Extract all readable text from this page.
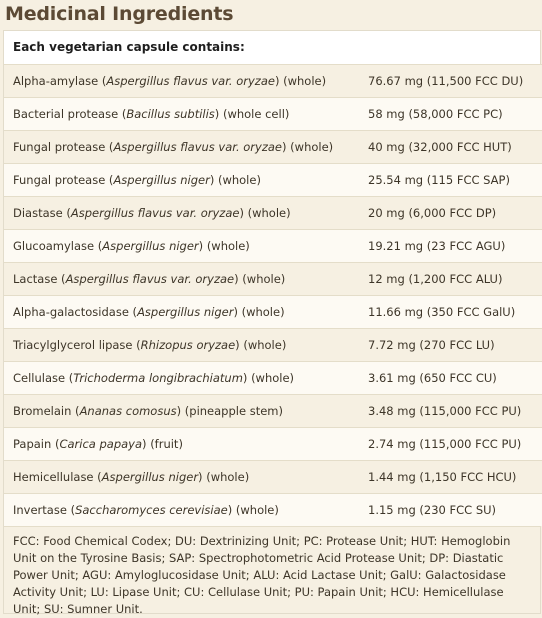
Medicinal Ingredients
Each vegetarian capsule contains:
Alpha-amylase (Aspergillus flavus var. oryzae) (whole)	76.67 mg (11,500 FCC DU)
Bacterial protease (Bacillus subtilis) (whole cell)	58 mg (58,000 FCC PC)
Fungal protease (Aspergillus flavus var. oryzae) (whole)	40 mg (32,000 FCC HUT)
Fungal protease (Aspergillus niger) (whole)	25.54 mg (115 FCC SAP)
Diastase (Aspergillus flavus var. oryzae) (whole)	20 mg (6,000 FCC DP)
Glucoamylase (Aspergillus niger) (whole)	19.21 mg (23 FCC AGU)
Lactase (Aspergillus flavus var. oryzae) (whole)	12 mg (1,200 FCC ALU)
Alpha-galactosidase (Aspergillus niger) (whole)	11.66 mg (350 FCC GalU)
Triacylglycerol lipase (Rhizopus oryzae) (whole)	7.72 mg (270 FCC LU)
Cellulase (Trichoderma longibrachiatum) (whole)	3.61 mg (650 FCC CU)
Bromelain (Ananas comosus) (pineapple stem)	3.48 mg (115,000 FCC PU)
Papain (Carica papaya) (fruit)	2.74 mg (115,000 FCC PU)
Hemicellulase (Aspergillus niger) (whole)	1.44 mg (1,150 FCC HCU)
Invertase (Saccharomyces cerevisiae) (whole)	1.15 mg (230 FCC SU)
FCC: Food Chemical Codex; DU: Dextrinizing Unit; PC: Protease Unit; HUT: Hemoglobin Unit on the Tyrosine Basis; SAP: Spectrophotometric Acid Protease Unit; DP: Diastatic Power Unit; AGU: Amyloglucosidase Unit; ALU: Acid Lactase Unit; GalU: Galactosidase Activity Unit; LU: Lipase Unit; CU: Cellulase Unit; PU: Papain Unit; HCU: Hemicellulase Unit; SU: Sumner Unit.
